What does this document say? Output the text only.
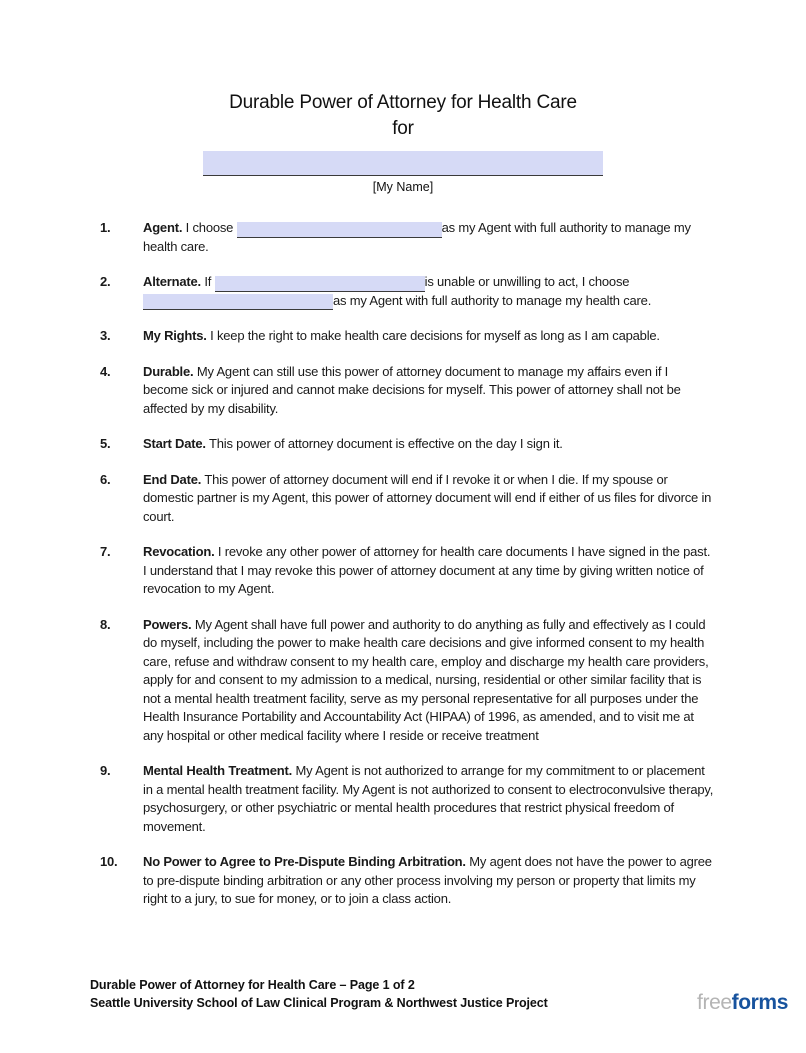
Durable Power of Attorney for Health Care
for
[My Name]
1.	Agent. I choose	as my Agent with full authority to manage my health care.
2.	Alternate. If	is unable or unwilling to act, I choose as my Agent with full authority to manage my health care.
3.	My Rights. I keep the right to make health care decisions for myself as long as I am capable.
4.	Durable. My Agent can still use this power of attorney document to manage my affairs even if I become sick or injured and cannot make decisions for myself. This power of attorney shall not be affected by my disability.
5.	Start Date. This power of attorney document is effective on the day I sign it.
6.	End Date. This power of attorney document will end if I revoke it or when I die. If my spouse or domestic partner is my Agent, this power of attorney document will end if either of us files for divorce in court.
7.	Revocation. I revoke any other power of attorney for health care documents I have signed in the past. I understand that I may revoke this power of attorney document at any time by giving written notice of revocation to my Agent.
8.	Powers. My Agent shall have full power and authority to do anything as fully and effectively as I could do myself, including the power to make health care decisions and give informed consent to my health care, refuse and withdraw consent to my health care, employ and discharge my health care providers, apply for and consent to my admission to a medical, nursing, residential or other similar facility that is not a mental health treatment facility, serve as my personal representative for all purposes under the Health Insurance Portability and Accountability Act (HIPAA) of 1996, as amended, and to visit me at any hospital or other medical facility where I reside or receive treatment
9.	Mental Health Treatment. My Agent is not authorized to arrange for my commitment to or placement in a mental health treatment facility. My Agent is not authorized to consent to electroconvulsive therapy, psychosurgery, or other psychiatric or mental health procedures that restrict physical freedom of movement.
10.	No Power to Agree to Pre-Dispute Binding Arbitration. My agent does not have the power to agree to pre-dispute binding arbitration or any other process involving my person or property that limits my right to a jury, to sue for money, or to join a class action.
Durable Power of Attorney for Health Care – Page 1 of 2
Seattle University School of Law Clinical Program & Northwest Justice Project	freeforms
